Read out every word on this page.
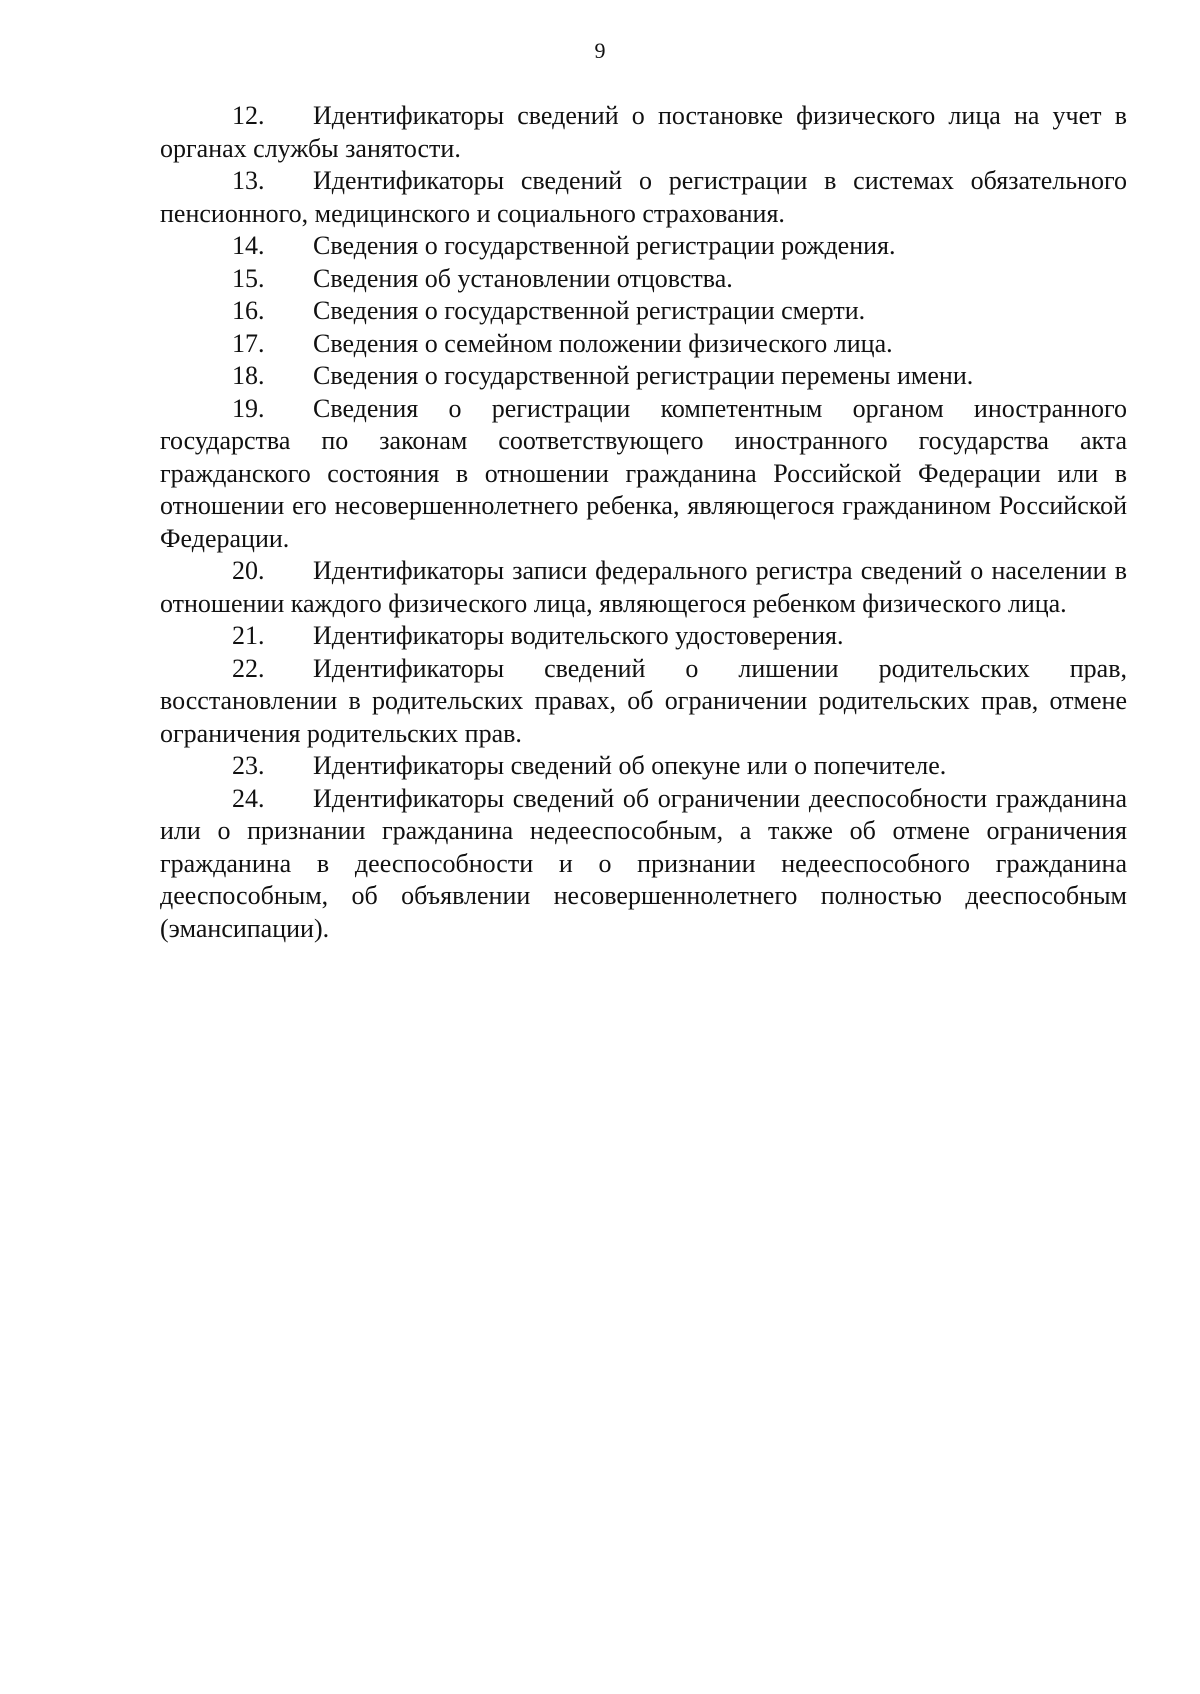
9

12. Идентификаторы сведений о постановке физического лица на учет в органах службы занятости.

13. Идентификаторы сведений о регистрации в системах обязательного пенсионного, медицинского и социального страхования.

14. Сведения о государственной регистрации рождения.

15. Сведения об установлении отцовства.

16. Сведения о государственной регистрации смерти.

17. Сведения о семейном положении физического лица.

18. Сведения о государственной регистрации перемены имени.

19. Сведения о регистрации компетентным органом иностранного государства по законам соответствующего иностранного государства акта гражданского состояния в отношении гражданина Российской Федерации или в отношении его несовершеннолетнего ребенка, являющегося гражданином Российской Федерации.

20. Идентификаторы записи федерального регистра сведений о населении в отношении каждого физического лица, являющегося ребенком физического лица.

21. Идентификаторы водительского удостоверения.

22. Идентификаторы сведений о лишении родительских прав, восстановлении в родительских правах, об ограничении родительских прав, отмене ограничения родительских прав.

23. Идентификаторы сведений об опекуне или о попечителе.

24. Идентификаторы сведений об ограничении дееспособности гражданина или о признании гражданина недееспособным, а также об отмене ограничения гражданина в дееспособности и о признании недееспособного гражданина дееспособным, об объявлении несовершеннолетнего полностью дееспособным (эмансипации).
